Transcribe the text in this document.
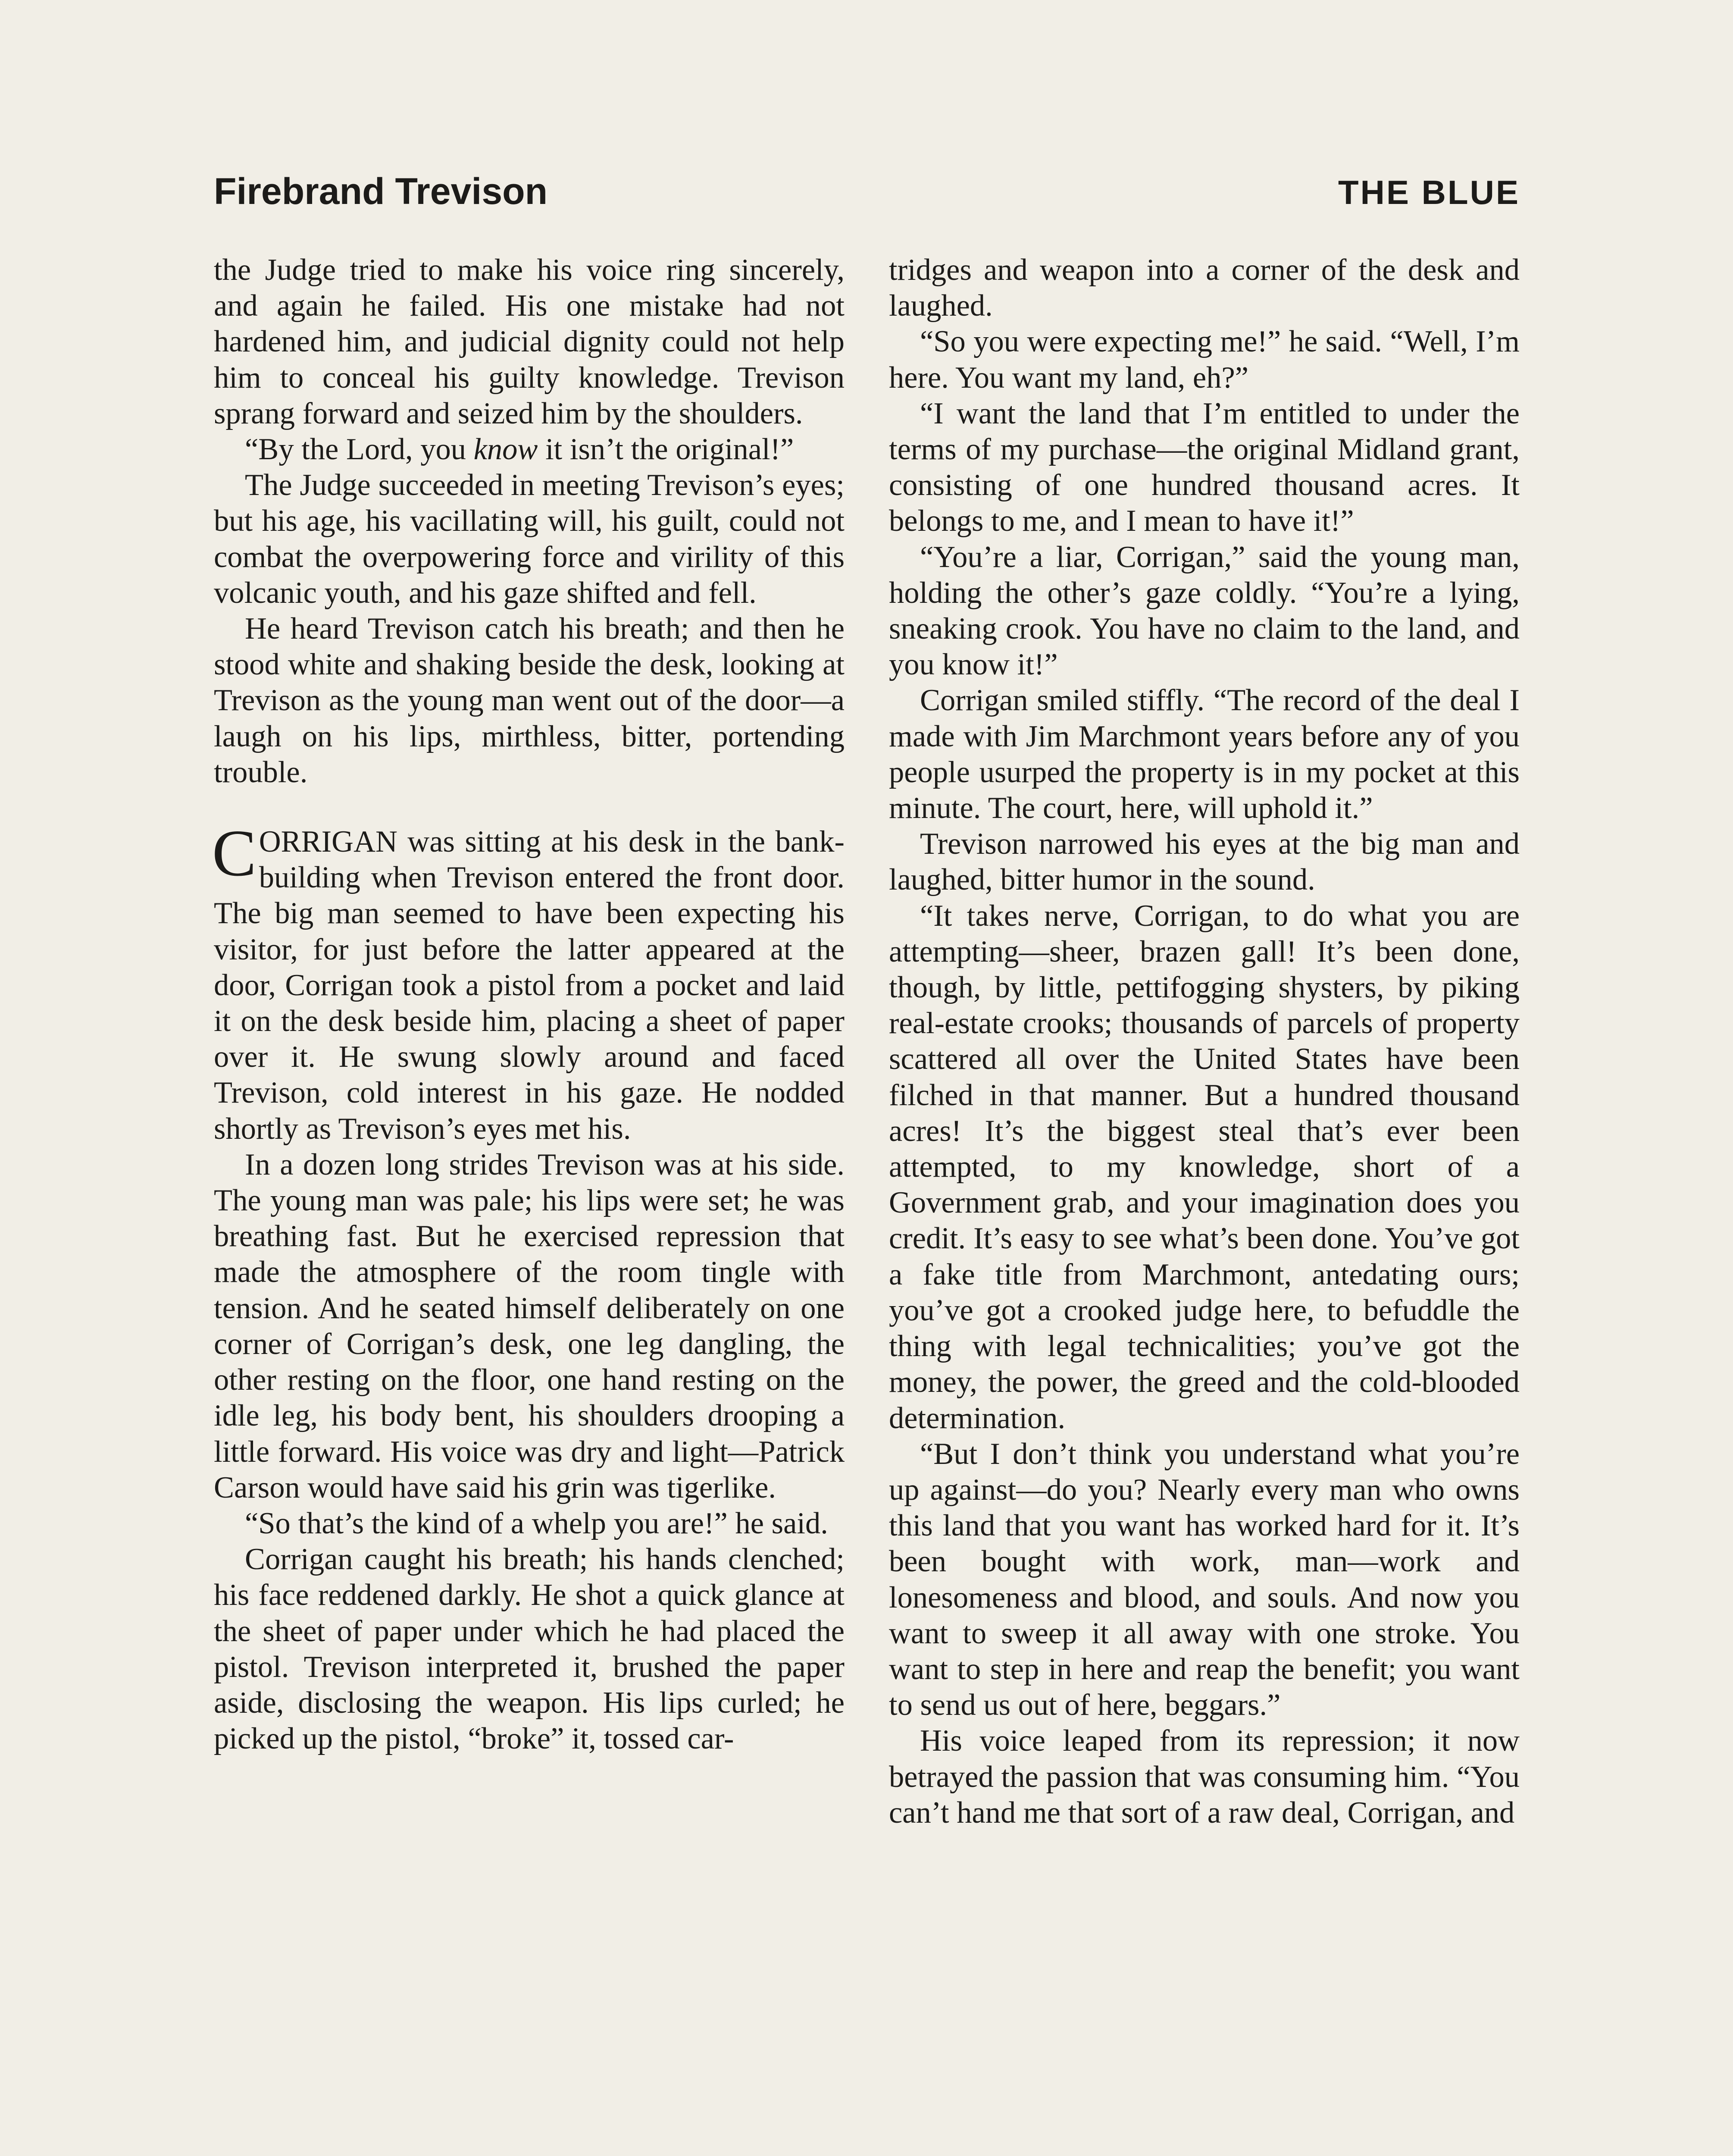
Firebrand Trevison	THE BLUE

the Judge tried to make his voice ring sincerely, and again he failed. His one mistake had not hardened him, and judicial dignity could not help him to conceal his guilty knowledge. Trevison sprang forward and seized him by the shoulders.

“By the Lord, you know it isn’t the original!”

The Judge succeeded in meeting Trevison’s eyes; but his age, his vacillating will, his guilt, could not combat the overpowering force and virility of this volcanic youth, and his gaze shifted and fell.

He heard Trevison catch his breath; and then he stood white and shaking beside the desk, looking at Trevison as the young man went out of the door—a laugh on his lips, mirthless, bitter, portending trouble.

CORRIGAN was sitting at his desk in the bank-building when Trevison entered the front door. The big man seemed to have been expecting his visitor, for just before the latter appeared at the door, Corrigan took a pistol from a pocket and laid it on the desk beside him, placing a sheet of paper over it. He swung slowly around and faced Trevison, cold interest in his gaze. He nodded shortly as Trevison’s eyes met his.

In a dozen long strides Trevison was at his side. The young man was pale; his lips were set; he was breathing fast. But he exercised repression that made the atmosphere of the room tingle with tension. And he seated himself deliberately on one corner of Corrigan’s desk, one leg dangling, the other resting on the floor, one hand resting on the idle leg, his body bent, his shoulders drooping a little forward. His voice was dry and light—Patrick Carson would have said his grin was tigerlike.

“So that’s the kind of a whelp you are!” he said.

Corrigan caught his breath; his hands clenched; his face reddened darkly. He shot a quick glance at the sheet of paper under which he had placed the pistol. Trevison interpreted it, brushed the paper aside, disclosing the weapon. His lips curled; he picked up the pistol, “broke” it, tossed car-

tridges and weapon into a corner of the desk and laughed.

“So you were expecting me!” he said. “Well, I’m here. You want my land, eh?”

“I want the land that I’m entitled to under the terms of my purchase—the original Midland grant, consisting of one hundred thousand acres. It belongs to me, and I mean to have it!”

“You’re a liar, Corrigan,” said the young man, holding the other’s gaze coldly. “You’re a lying, sneaking crook. You have no claim to the land, and you know it!”

Corrigan smiled stiffly. “The record of the deal I made with Jim Marchmont years before any of you people usurped the property is in my pocket at this minute. The court, here, will uphold it.”

Trevison narrowed his eyes at the big man and laughed, bitter humor in the sound.

“It takes nerve, Corrigan, to do what you are attempting—sheer, brazen gall! It’s been done, though, by little, pettifogging shysters, by piking real-estate crooks; thousands of parcels of property scattered all over the United States have been filched in that manner. But a hundred thousand acres! It’s the biggest steal that’s ever been attempted, to my knowledge, short of a Government grab, and your imagination does you credit. It’s easy to see what’s been done. You’ve got a fake title from Marchmont, antedating ours; you’ve got a crooked judge here, to befuddle the thing with legal technicalities; you’ve got the money, the power, the greed and the cold-blooded determination.

“But I don’t think you understand what you’re up against—do you? Nearly every man who owns this land that you want has worked hard for it. It’s been bought with work, man—work and lonesomeness and blood, and souls. And now you want to sweep it all away with one stroke. You want to step in here and reap the benefit; you want to send us out of here, beggars.”

His voice leaped from its repression; it now betrayed the passion that was consuming him. “You can’t hand me that sort of a raw deal, Corrigan, and
